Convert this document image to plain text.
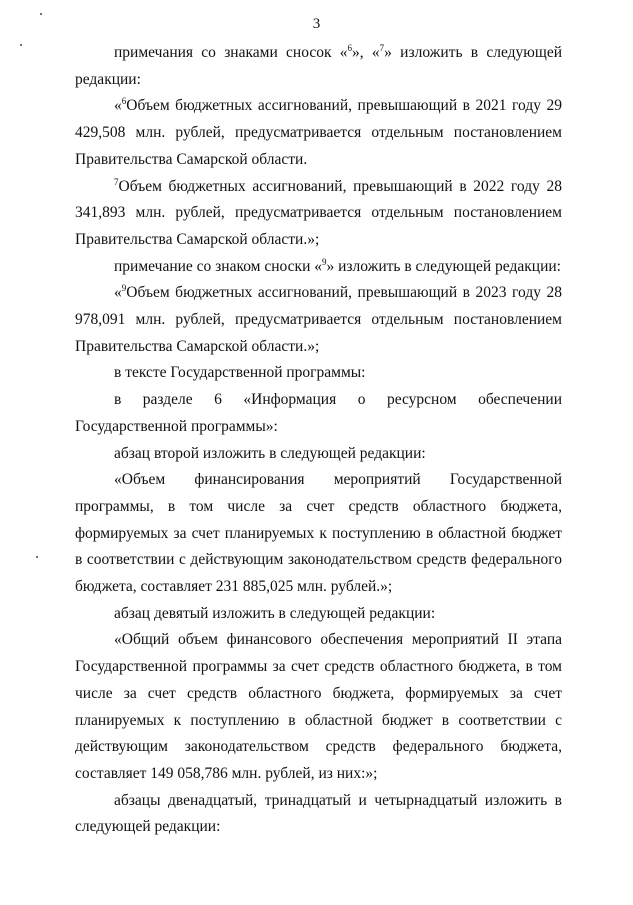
3

примечания со знаками сносок «$^6$», «$^7$» изложить в следующей редакции:

«$^6$Объем бюджетных ассигнований, превышающий в 2021 году 29 429,508 млн. рублей, предусматривается отдельным постановлением Правительства Самарской области.

$^7$Объем бюджетных ассигнований, превышающий в 2022 году 28 341,893 млн. рублей, предусматривается отдельным постановлением Правительства Самарской области.»;

примечание со знаком сноски «$^9$» изложить в следующей редакции:

«$^9$Объем бюджетных ассигнований, превышающий в 2023 году 28 978,091 млн. рублей, предусматривается отдельным постановлением Правительства Самарской области.»;

в тексте Государственной программы:

в разделе 6 «Информация о ресурсном обеспечении Государственной программы»:

абзац второй изложить в следующей редакции:

«Объем финансирования мероприятий Государственной программы, в том числе за счет средств областного бюджета, формируемых за счет планируемых к поступлению в областной бюджет в соответствии с действующим законодательством средств федерального бюджета, составляет 231 885,025 млн. рублей.»;

абзац девятый изложить в следующей редакции:

«Общий объем финансового обеспечения мероприятий II этапа Государственной программы за счет средств областного бюджета, в том числе за счет средств областного бюджета, формируемых за счет планируемых к поступлению в областной бюджет в соответствии с действующим законодательством средств федерального бюджета, составляет 149 058,786 млн. рублей, из них:»;

абзацы двенадцатый, тринадцатый и четырнадцатый изложить в следующей редакции:
